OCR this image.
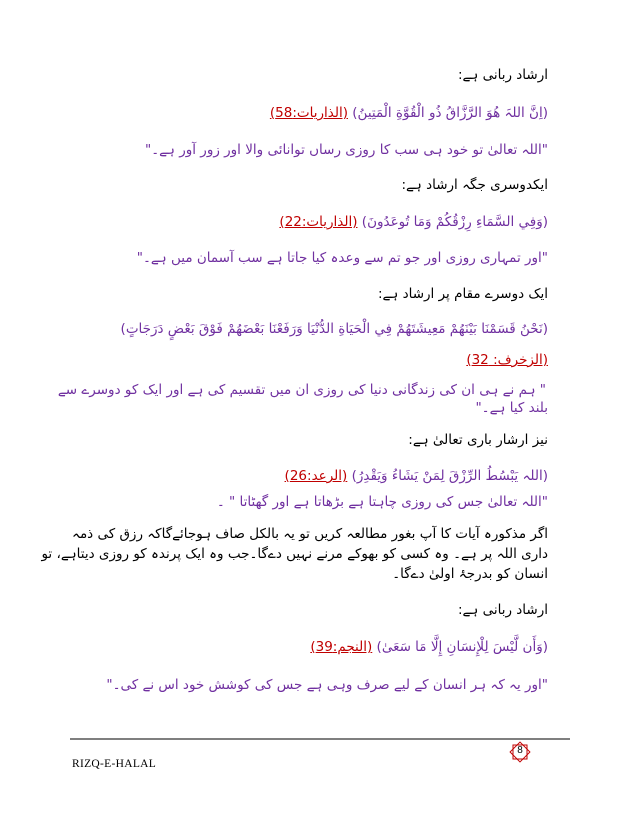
ارشاد ربانی ہے:
(اِنَّ اللہَ هُوَ الرَّزَّاقُ ذُو الْقُوَّةِ الْمَتِينُ) (الذاریات:58)
"اللہ تعالیٰ تو خود ہی سب کا روزی رساں توانائی والا اور زور آور ہے۔"
ایکدوسری جگہ ارشاد ہے:
(وَفِي السَّمَاءِ رِزْقُكُمْ وَمَا تُوعَدُونَ) (الذاریات:22)
"اور تمہاری روزی اور جو تم سے وعدہ کیا جاتا ہے سب آسمان میں ہے۔"
ایک دوسرے مقام پر ارشاد ہے:
(نَحْنُ قَسَمْنَا بَيْنَهُمْ مَعِيشَتَهُمْ فِي الْحَيَاةِ الدُّنْيَا وَرَفَعْنَا بَعْضَهُمْ فَوْقَ بَعْضٍ دَرَجَاتٍ)
(الزخرف: 32)
" ہم نے ہی ان کی زندگانی دنیا کی روزی ان میں تقسیم کی ہے اور ایک کو دوسرے سے
بلند کیا ہے۔"
نیز ارشار باری تعالیٰ ہے:
(اللہ يَبْسُطُ الرِّزْقَ لِمَنْ يَشَاءُ وَيَقْدِرُ) (الرعد:26)
"اللہ تعالیٰ جس کی روزی چاہتا ہے بڑھاتا ہے اور گھٹاتا " ۔
اگر مذکورہ آیات کا آپ بغور مطالعہ کریں تو یہ بالکل صاف ہوجائےگاکہ رزق کی ذمہ
داری اللہ پر ہے۔ وہ کسی کو بھوکے مرنے نہیں دےگا۔جب وہ ایک پرندہ کو روزی دیتاہے، تو
انسان کو بدرجۂ اولیٰ دےگا۔
ارشاد ربانی ہے:
(وَأَن لَّيْسَ لِلْإِنسَانِ إِلَّا مَا سَعَىٰ) (النجم:39)
"اور یہ کہ ہر انسان کے لیے صرف وہی ہے جس کی کوشش خود اس نے کی۔"
8
RIZQ-E-HALAL
